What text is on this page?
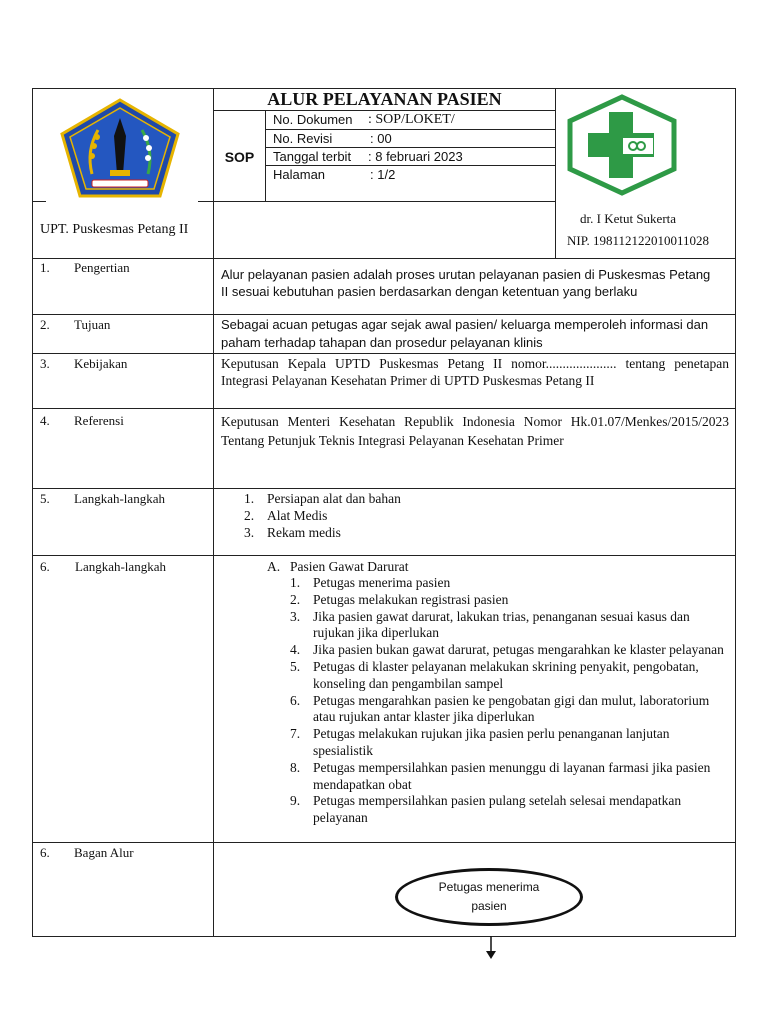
ALUR PELAYANAN PASIEN
SOP
No. Dokumen : SOP/LOKET/
No. Revisi	: 00
Tanggal terbit : 8 februari 2023
Halaman	: 1/2
UPT. Puskesmas Petang II
dr. I Ketut Sukerta
NIP. 198112122010011028
1. Pengertian	Alur pelayanan pasien adalah proses urutan pelayanan pasien di Puskesmas Petang II sesuai kebutuhan pasien berdasarkan dengan ketentuan yang berlaku
2. Tujuan	Sebagai acuan petugas agar sejak awal pasien/ keluarga memperoleh informasi dan paham terhadap tahapan dan prosedur pelayanan klinis
3. Kebijakan	Keputusan Kepala UPTD Puskesmas Petang II nomor..................... tentang penetapan Integrasi Pelayanan Kesehatan Primer di UPTD Puskesmas Petang II
4. Referensi	Keputusan Menteri Kesehatan Republik Indonesia Nomor Hk.01.07/Menkes/2015/2023 Tentang Petunjuk Teknis Integrasi Pelayanan Kesehatan Primer
5. Langkah-langkah	1. Persiapan alat dan bahan
2. Alat Medis
3. Rekam medis
6. Langkah-langkah	A. Pasien Gawat Darurat
1. Petugas menerima pasien
2. Petugas melakukan registrasi pasien
3. Jika pasien gawat darurat, lakukan trias, penanganan sesuai kasus dan rujukan jika diperlukan
4. Jika pasien bukan gawat darurat, petugas mengarahkan ke klaster pelayanan
5. Petugas di klaster pelayanan melakukan skrining penyakit, pengobatan, konseling dan pengambilan sampel
6. Petugas mengarahkan pasien ke pengobatan gigi dan mulut, laboratorium atau rujukan antar klaster jika diperlukan
7. Petugas melakukan rujukan jika pasien perlu penanganan lanjutan spesialistik
8. Petugas mempersilahkan pasien menunggu di layanan farmasi jika pasien mendapatkan obat
9. Petugas mempersilahkan pasien pulang setelah selesai mendapatkan pelayanan
6. Bagan Alur
Petugas menerima pasien
